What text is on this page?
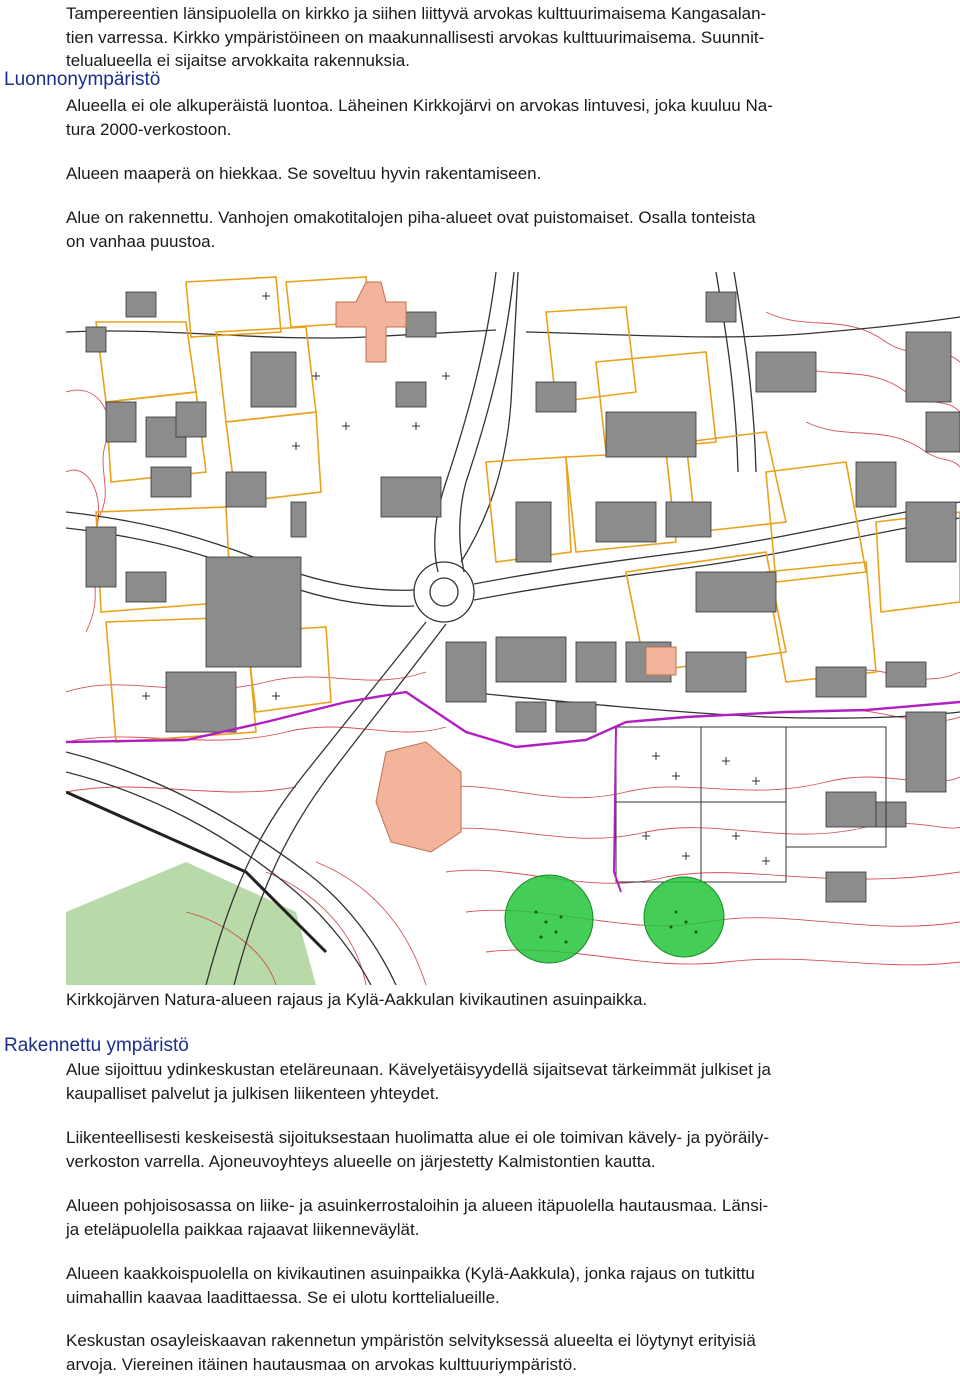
Tampereentien länsipuolella on kirkko ja siihen liittyvä arvokas kulttuurimaisema Kangasalan-
tien varressa. Kirkko ympäristöineen on maakunnallisesti arvokas kulttuurimaisema. Suunnit-
telualueella ei sijaitse arvokkaita rakennuksia.
Luonnonympäristö
Alueella ei ole alkuperäistä luontoa. Läheinen Kirkkojärvi on arvokas lintuvesi, joka kuuluu Na-
tura 2000-verkostoon.
Alueen maaperä on hiekkaa. Se soveltuu hyvin rakentamiseen.
Alue on rakennettu. Vanhojen omakotitalojen piha-alueet ovat puistomaiset. Osalla tonteista
on vanhaa puustoa.
Kirkkojärven Natura-alueen rajaus ja Kylä-Aakkulan kivikautinen asuinpaikka.
Rakennettu ympäristö
Alue sijoittuu ydinkeskustan eteläreunaan. Kävelyetäisyydellä sijaitsevat tärkeimmät julkiset ja
kaupalliset palvelut ja julkisen liikenteen yhteydet.
Liikenteellisesti keskeisestä sijoituksestaan huolimatta alue ei ole toimivan kävely- ja pyöräily-
verkoston varrella. Ajoneuvoyhteys alueelle on järjestetty Kalmistontien kautta.
Alueen pohjoisosassa on liike- ja asuinkerrostaloihin ja alueen itäpuolella hautausmaa. Länsi-
ja eteläpuolella paikkaa rajaavat liikenneväylät.
Alueen kaakkoispuolella on kivikautinen asuinpaikka (Kylä-Aakkula), jonka rajaus on tutkittu
uimahallin kaavaa laadittaessa. Se ei ulotu korttelialueille.
Keskustan osayleiskaavan rakennetun ympäristön selvityksessä alueelta ei löytynyt erityisiä
arvoja. Viereinen itäinen hautausmaa on arvokas kulttuuriympäristö.
